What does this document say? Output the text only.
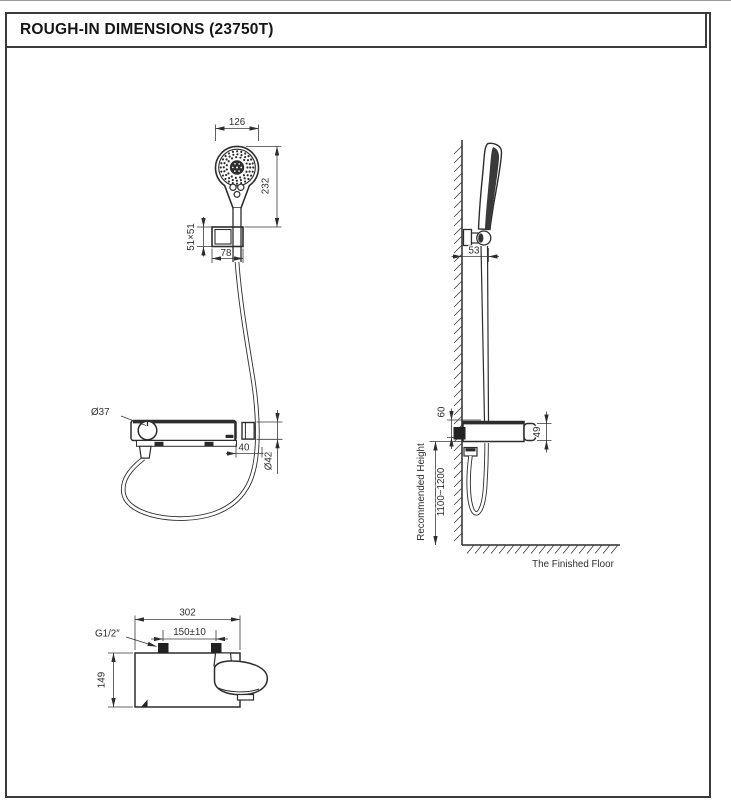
ROUGH-IN DIMENSIONS (23750T)
126
232
51×51
78
Ø37
40
Ø42
53
60
49
Recommended Height 1100~1200
The Finished Floor
302
150±10
G1/2″
149
